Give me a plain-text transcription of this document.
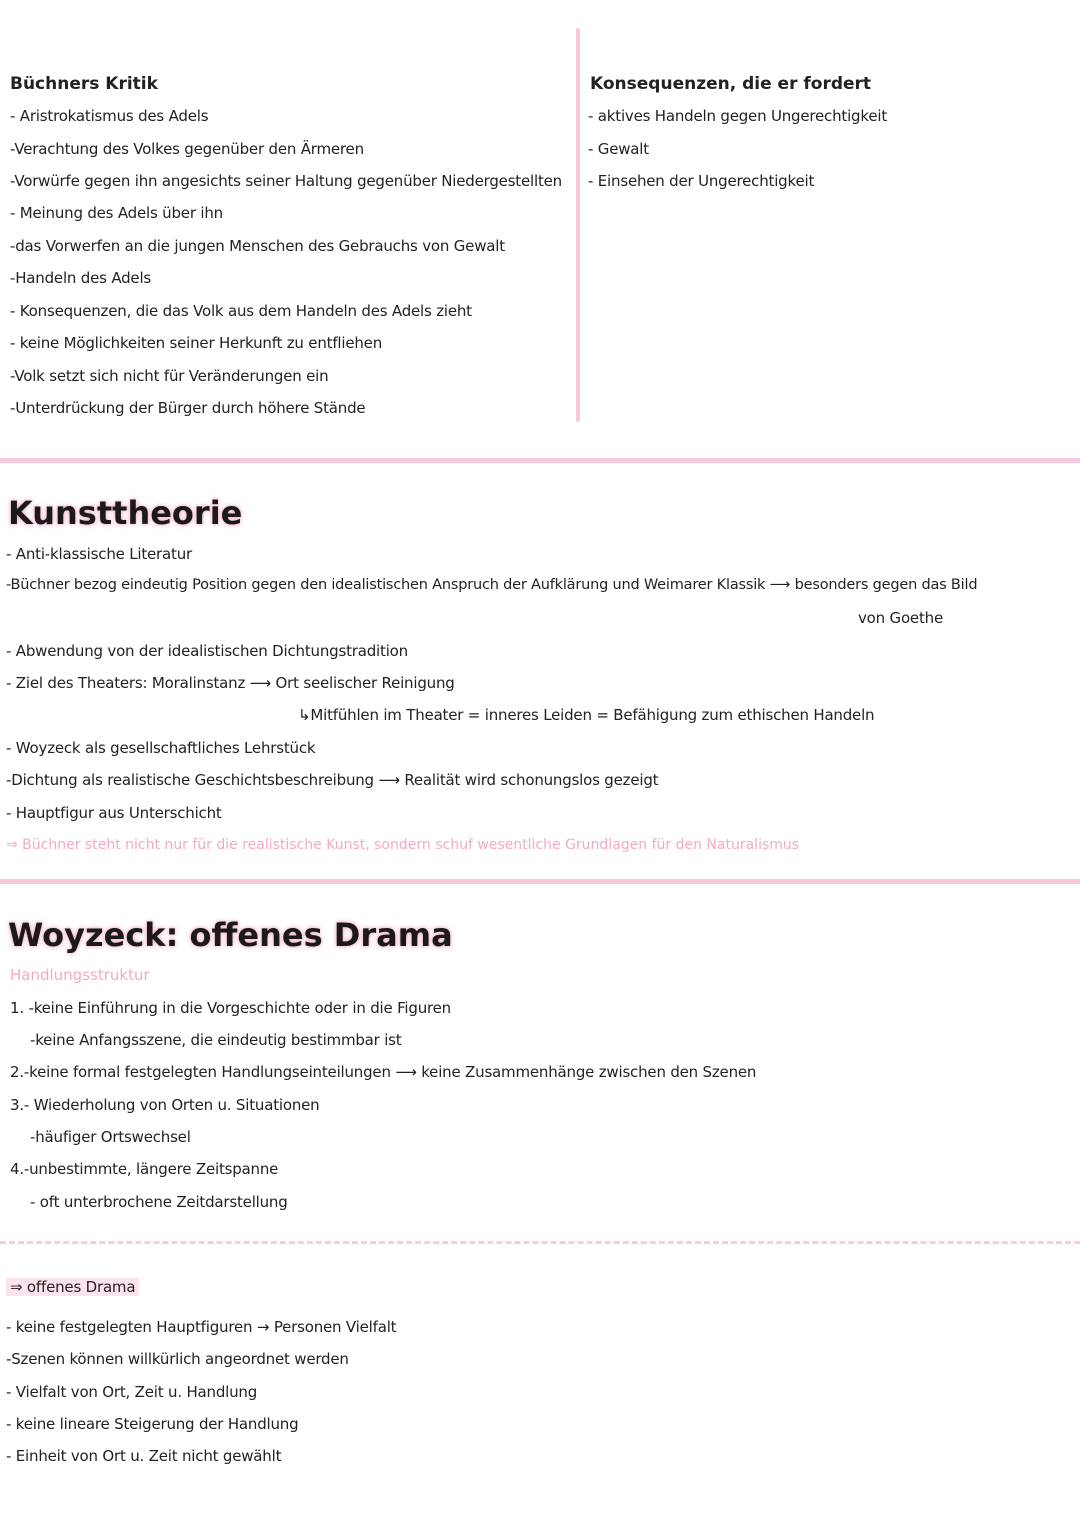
Büchners Kritik
- Aristrokatismus des Adels
-Verachtung des Volkes gegenüber den Ärmeren
-Vorwürfe gegen ihn angesichts seiner Haltung gegenüber Niedergestellten
- Meinung des Adels über ihn
-das Vorwerfen an die jungen Menschen des Gebrauchs von Gewalt
-Handeln des Adels
- Konsequenzen, die das Volk aus dem Handeln des Adels zieht
- keine Möglichkeiten seiner Herkunft zu entfliehen
-Volk setzt sich nicht für Veränderungen ein
-Unterdrückung der Bürger durch höhere Stände
Konsequenzen, die er fordert
- aktives Handeln gegen Ungerechtigkeit
- Gewalt
- Einsehen der Ungerechtigkeit
Kunsttheorie
- Anti-klassische Literatur
-Büchner bezog eindeutig Position gegen den idealistischen Anspruch der Aufklärung und Weimarer Klassik ⟶ besonders gegen das Bild
von Goethe
- Abwendung von der idealistischen Dichtungstradition
- Ziel des Theaters: Moralinstanz ⟶ Ort seelischer Reinigung
↳Mitfühlen im Theater = inneres Leiden = Befähigung zum ethischen Handeln
- Woyzeck als gesellschaftliches Lehrstück
-Dichtung als realistische Geschichtsbeschreibung ⟶ Realität wird schonungslos gezeigt
- Hauptfigur aus Unterschicht
⇒ Büchner steht nicht nur für die realistische Kunst, sondern schuf wesentliche Grundlagen für den Naturalismus
Woyzeck: offenes Drama
Handlungsstruktur
1. -keine Einführung in die Vorgeschichte oder in die Figuren
-keine Anfangsszene, die eindeutig bestimmbar ist
2.-keine formal festgelegten Handlungseinteilungen ⟶ keine Zusammenhänge zwischen den Szenen
3.- Wiederholung von Orten u. Situationen
-häufiger Ortswechsel
4.-unbestimmte, längere Zeitspanne
- oft unterbrochene Zeitdarstellung
⇒ offenes Drama
- keine festgelegten Hauptfiguren → Personen Vielfalt
-Szenen können willkürlich angeordnet werden
- Vielfalt von Ort, Zeit u. Handlung
- keine lineare Steigerung der Handlung
- Einheit von Ort u. Zeit nicht gewählt
